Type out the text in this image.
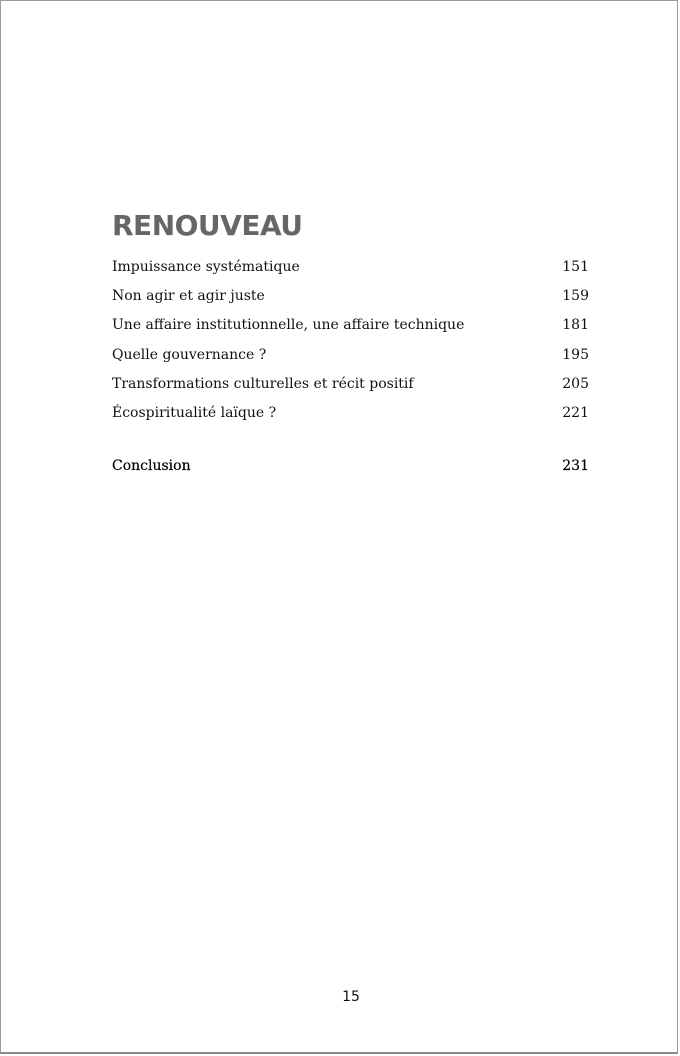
RENOUVEAU
Impuissance systématique	151
Non agir et agir juste	159
Une affaire institutionnelle, une affaire technique	181
Quelle gouvernance ?	195
Transformations culturelles et récit positif	205
Écospiritualité laïque ?	221
Conclusion	231
15
